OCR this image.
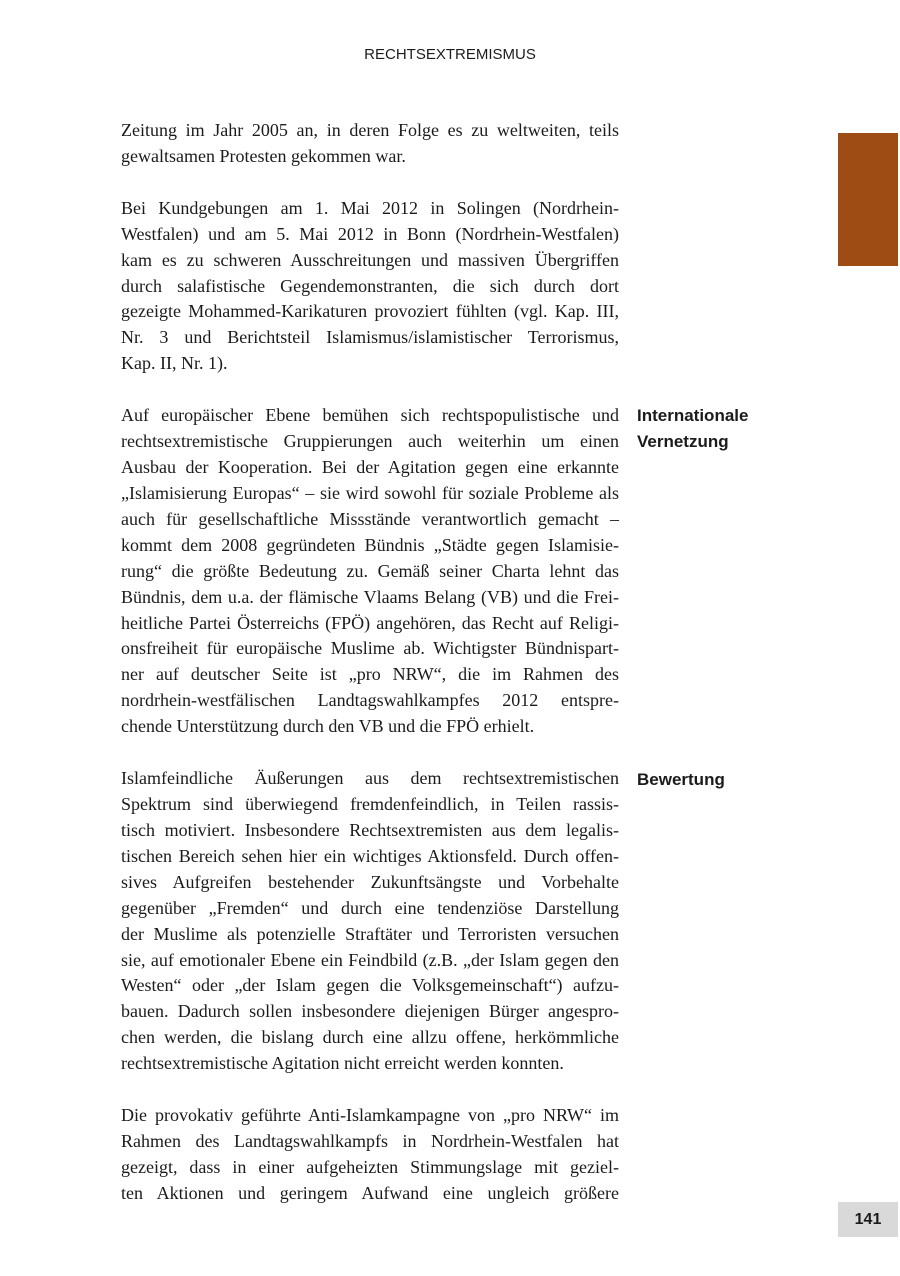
RECHTSEXTREMISMUS
Zeitung im Jahr 2005 an, in deren Folge es zu weltweiten, teils
gewaltsamen Protesten gekommen war.
Bei Kundgebungen am 1. Mai 2012 in Solingen (Nordrhein-
Westfalen) und am 5. Mai 2012 in Bonn (Nordrhein-Westfalen)
kam es zu schweren Ausschreitungen und massiven Übergriffen
durch salafistische Gegendemonstranten, die sich durch dort
gezeigte Mohammed-Karikaturen provoziert fühlten (vgl. Kap. III,
Nr. 3 und Berichtsteil Islamismus/islamistischer Terrorismus,
Kap. II, Nr. 1).
Auf europäischer Ebene bemühen sich rechtspopulistische und
rechtsextremistische Gruppierungen auch weiterhin um einen
Ausbau der Kooperation. Bei der Agitation gegen eine erkannte
„Islamisierung Europas“ – sie wird sowohl für soziale Probleme als
auch für gesellschaftliche Missstände verantwortlich gemacht –
kommt dem 2008 gegründeten Bündnis „Städte gegen Islamisie-
rung“ die größte Bedeutung zu. Gemäß seiner Charta lehnt das
Bündnis, dem u.a. der flämische Vlaams Belang (VB) und die Frei-
heitliche Partei Österreichs (FPÖ) angehören, das Recht auf Religi-
onsfreiheit für europäische Muslime ab. Wichtigster Bündnispart-
ner auf deutscher Seite ist „pro NRW“, die im Rahmen des
nordrhein-westfälischen Landtagswahlkampfes 2012 entspre-
chende Unterstützung durch den VB und die FPÖ erhielt.
Islamfeindliche Äußerungen aus dem rechtsextremistischen
Spektrum sind überwiegend fremdenfeindlich, in Teilen rassis-
tisch motiviert. Insbesondere Rechtsextremisten aus dem legalis-
tischen Bereich sehen hier ein wichtiges Aktionsfeld. Durch offen-
sives Aufgreifen bestehender Zukunftsängste und Vorbehalte
gegenüber „Fremden“ und durch eine tendenziöse Darstellung
der Muslime als potenzielle Straftäter und Terroristen versuchen
sie, auf emotionaler Ebene ein Feindbild (z.B. „der Islam gegen den
Westen“ oder „der Islam gegen die Volksgemeinschaft“) aufzu-
bauen. Dadurch sollen insbesondere diejenigen Bürger angespro-
chen werden, die bislang durch eine allzu offene, herkömmliche
rechtsextremistische Agitation nicht erreicht werden konnten.
Die provokativ geführte Anti-Islamkampagne von „pro NRW“ im
Rahmen des Landtagswahlkampfs in Nordrhein-Westfalen hat
gezeigt, dass in einer aufgeheizten Stimmungslage mit geziel-
ten Aktionen und geringem Aufwand eine ungleich größere
Internationale
Vernetzung
Bewertung
141
